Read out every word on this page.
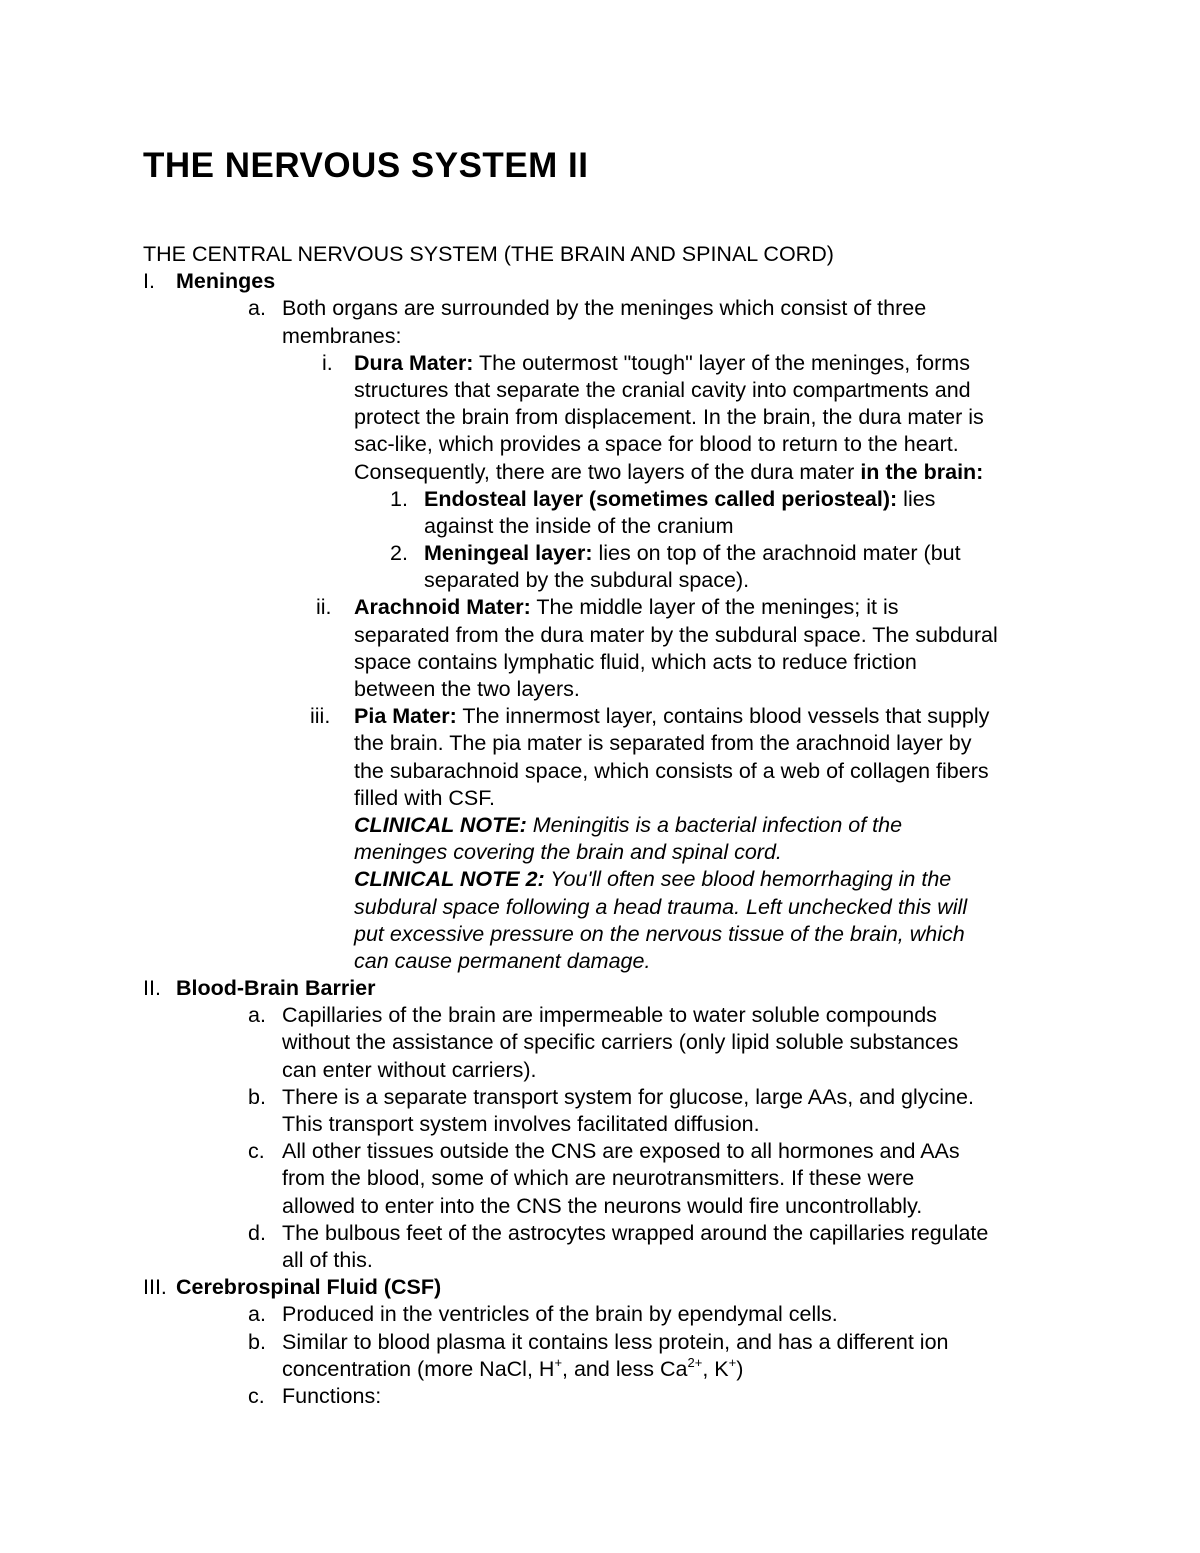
THE NERVOUS SYSTEM II
THE CENTRAL NERVOUS SYSTEM (THE BRAIN AND SPINAL CORD)
I. Meninges
a. Both organs are surrounded by the meninges which consist of three
membranes:
i. Dura Mater: The outermost "tough" layer of the meninges, forms
structures that separate the cranial cavity into compartments and
protect the brain from displacement. In the brain, the dura mater is
sac-like, which provides a space for blood to return to the heart.
Consequently, there are two layers of the dura mater in the brain:
1. Endosteal layer (sometimes called periosteal): lies
against the inside of the cranium
2. Meningeal layer: lies on top of the arachnoid mater (but
separated by the subdural space).
ii. Arachnoid Mater: The middle layer of the meninges; it is
separated from the dura mater by the subdural space. The subdural
space contains lymphatic fluid, which acts to reduce friction
between the two layers.
iii. Pia Mater: The innermost layer, contains blood vessels that supply
the brain. The pia mater is separated from the arachnoid layer by
the subarachnoid space, which consists of a web of collagen fibers
filled with CSF.
CLINICAL NOTE: Meningitis is a bacterial infection of the
meninges covering the brain and spinal cord.
CLINICAL NOTE 2: You'll often see blood hemorrhaging in the
subdural space following a head trauma. Left unchecked this will
put excessive pressure on the nervous tissue of the brain, which
can cause permanent damage.
II. Blood-Brain Barrier
a. Capillaries of the brain are impermeable to water soluble compounds
without the assistance of specific carriers (only lipid soluble substances
can enter without carriers).
b. There is a separate transport system for glucose, large AAs, and glycine.
This transport system involves facilitated diffusion.
c. All other tissues outside the CNS are exposed to all hormones and AAs
from the blood, some of which are neurotransmitters. If these were
allowed to enter into the CNS the neurons would fire uncontrollably.
d. The bulbous feet of the astrocytes wrapped around the capillaries regulate
all of this.
III. Cerebrospinal Fluid (CSF)
a. Produced in the ventricles of the brain by ependymal cells.
b. Similar to blood plasma it contains less protein, and has a different ion
concentration (more NaCl, H+, and less $Ca^{2+}$, K+)
c. Functions:
